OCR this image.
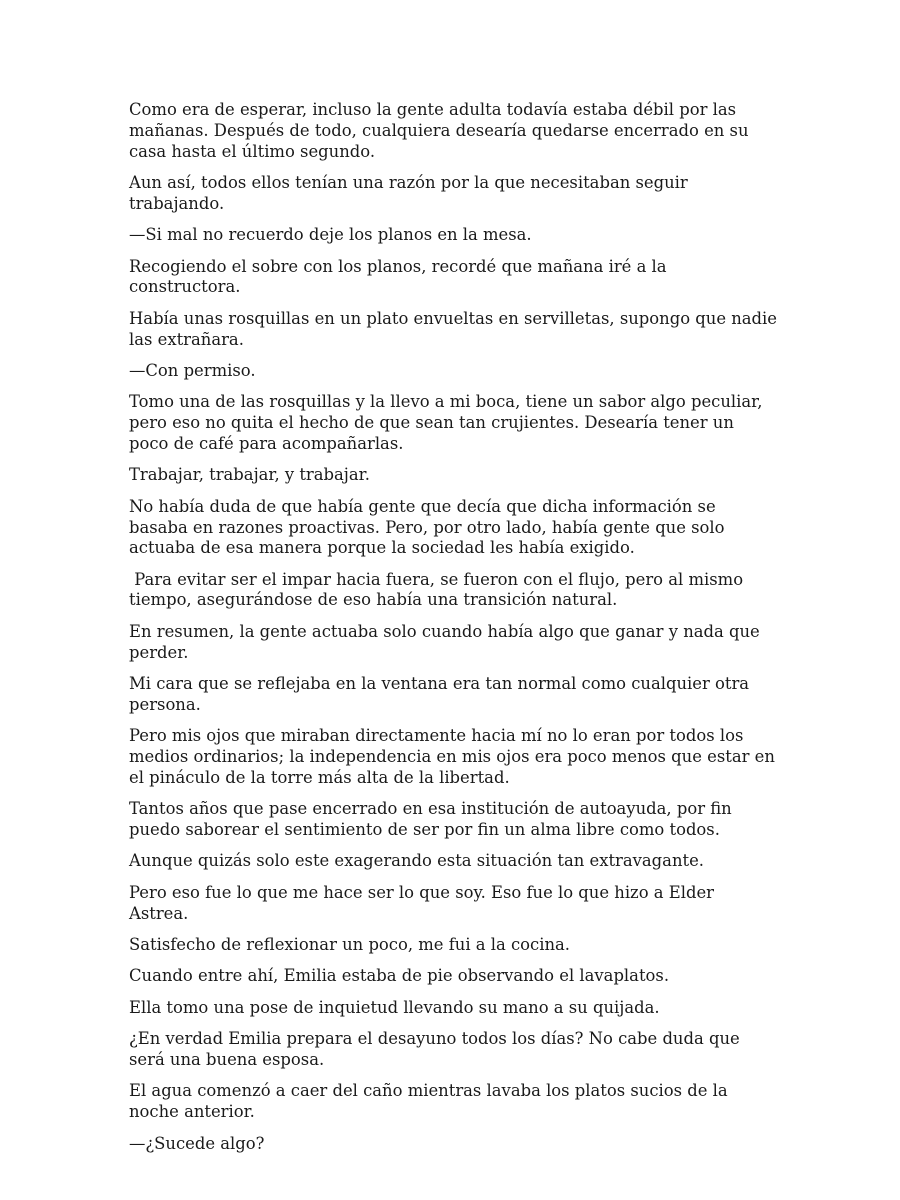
Como era de esperar, incluso la gente adulta todavía estaba débil por las mañanas. Después de todo, cualquiera desearía quedarse encerrado en su casa hasta el último segundo.

Aun así, todos ellos tenían una razón por la que necesitaban seguir trabajando.

—Si mal no recuerdo deje los planos en la mesa.

Recogiendo el sobre con los planos, recordé que mañana iré a la constructora.

Había unas rosquillas en un plato envueltas en servilletas, supongo que nadie las extrañara.

—Con permiso.

Tomo una de las rosquillas y la llevo a mi boca, tiene un sabor algo peculiar, pero eso no quita el hecho de que sean tan crujientes. Desearía tener un poco de café para acompañarlas.

Trabajar, trabajar, y trabajar.

No había duda de que había gente que decía que dicha información se basaba en razones proactivas. Pero, por otro lado, había gente que solo actuaba de esa manera porque la sociedad les había exigido.

Para evitar ser el impar hacia fuera, se fueron con el flujo, pero al mismo tiempo, asegurándose de eso había una transición natural.

En resumen, la gente actuaba solo cuando había algo que ganar y nada que perder.

Mi cara que se reflejaba en la ventana era tan normal como cualquier otra persona.

Pero mis ojos que miraban directamente hacia mí no lo eran por todos los medios ordinarios; la independencia en mis ojos era poco menos que estar en el pináculo de la torre más alta de la libertad.

Tantos años que pase encerrado en esa institución de autoayuda, por fin puedo saborear el sentimiento de ser por fin un alma libre como todos.

Aunque quizás solo este exagerando esta situación tan extravagante.

Pero eso fue lo que me hace ser lo que soy. Eso fue lo que hizo a Elder Astrea.

Satisfecho de reflexionar un poco, me fui a la cocina.

Cuando entre ahí, Emilia estaba de pie observando el lavaplatos.

Ella tomo una pose de inquietud llevando su mano a su quijada.

¿En verdad Emilia prepara el desayuno todos los días? No cabe duda que será una buena esposa.

El agua comenzó a caer del caño mientras lavaba los platos sucios de la noche anterior.

—¿Sucede algo?
